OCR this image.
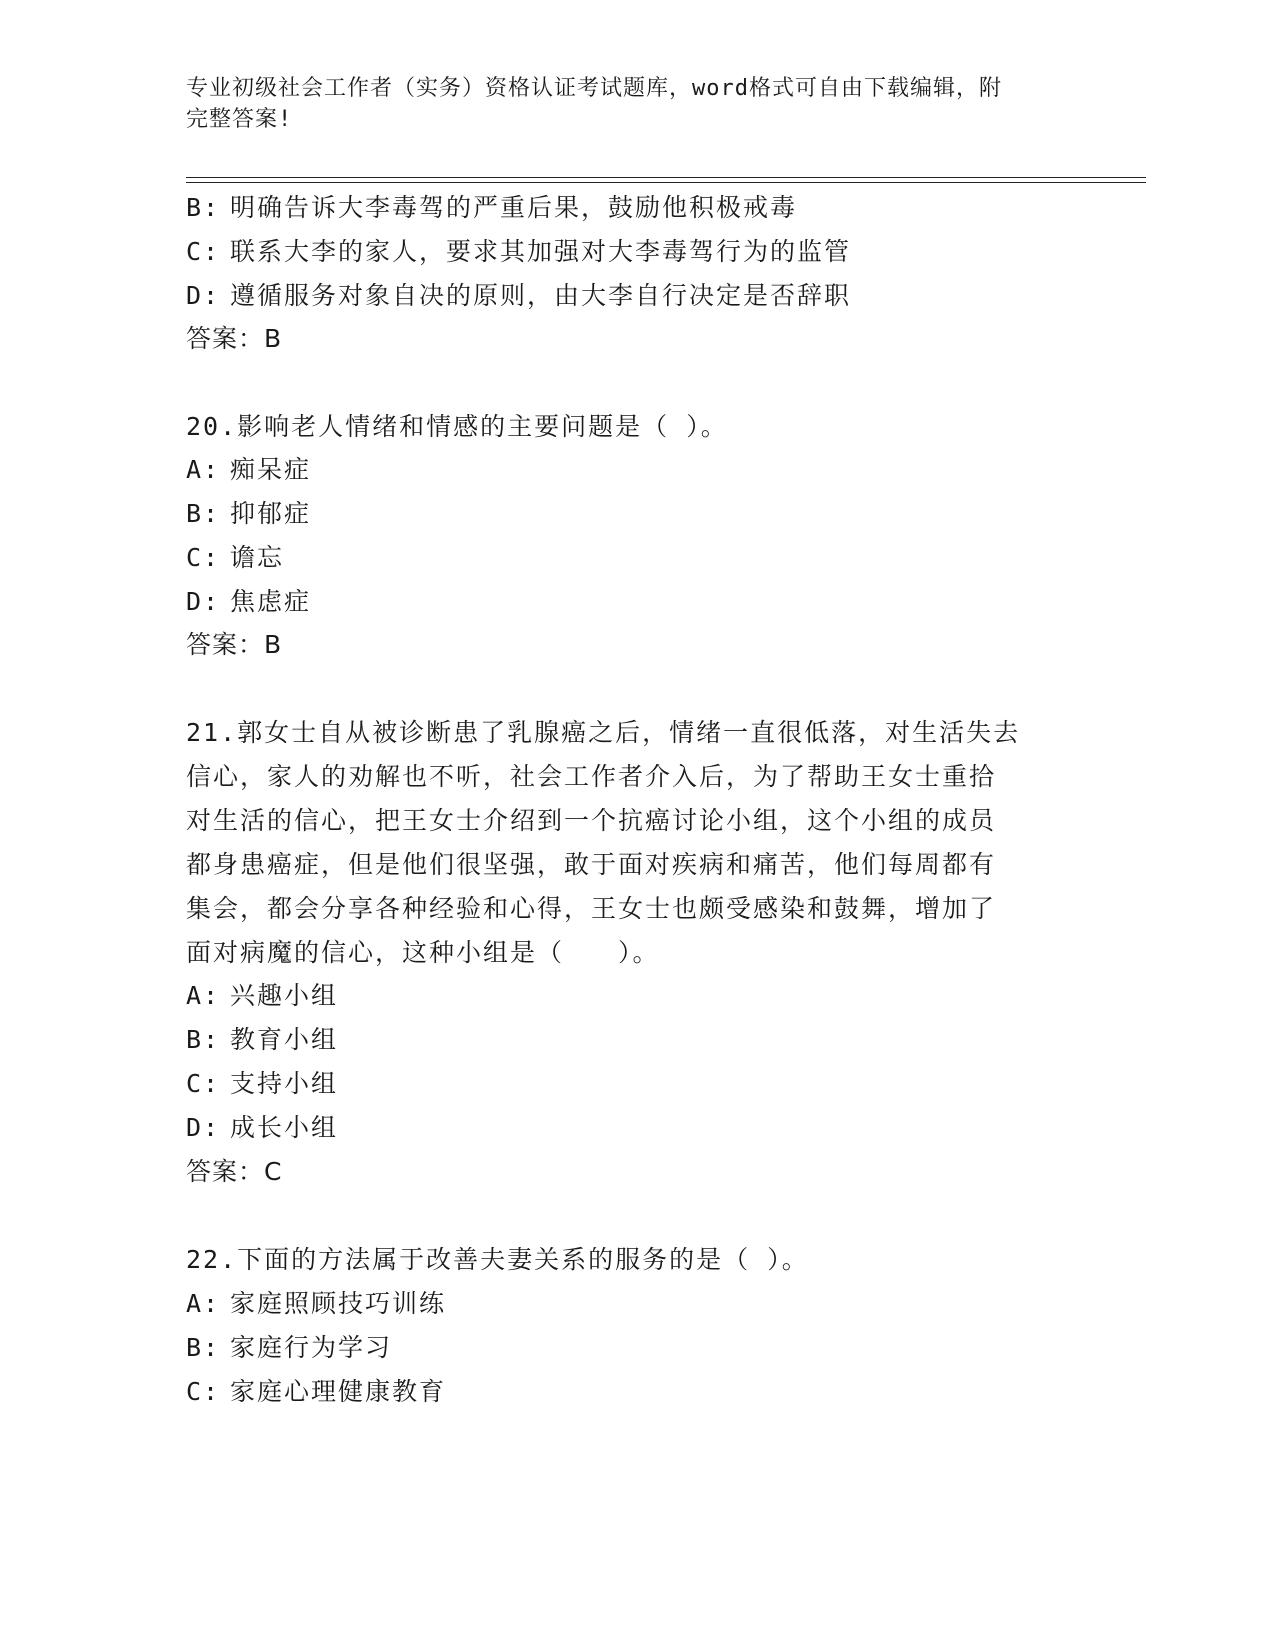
专业初级社会工作者（实务）资格认证考试题库，word格式可自由下载编辑，附
完整答案!
B: 明确告诉大李毒驾的严重后果，鼓励他积极戒毒
C: 联系大李的家人，要求其加强对大李毒驾行为的监管
D: 遵循服务对象自决的原则，由大李自行决定是否辞职
答案：B
20.影响老人情绪和情感的主要问题是（ ）。
A: 痴呆症
B: 抑郁症
C: 谵忘
D: 焦虑症
答案：B
21.郭女士自从被诊断患了乳腺癌之后，情绪一直很低落，对生活失去
信心，家人的劝解也不听，社会工作者介入后，为了帮助王女士重拾
对生活的信心，把王女士介绍到一个抗癌讨论小组，这个小组的成员
都身患癌症，但是他们很坚强，敢于面对疾病和痛苦，他们每周都有
集会，都会分享各种经验和心得，王女士也颇受感染和鼓舞，增加了
面对病魔的信心，这种小组是（　　）。
A: 兴趣小组
B: 教育小组
C: 支持小组
D: 成长小组
答案：C
22.下面的方法属于改善夫妻关系的服务的是（ ）。
A: 家庭照顾技巧训练
B: 家庭行为学习
C: 家庭心理健康教育
